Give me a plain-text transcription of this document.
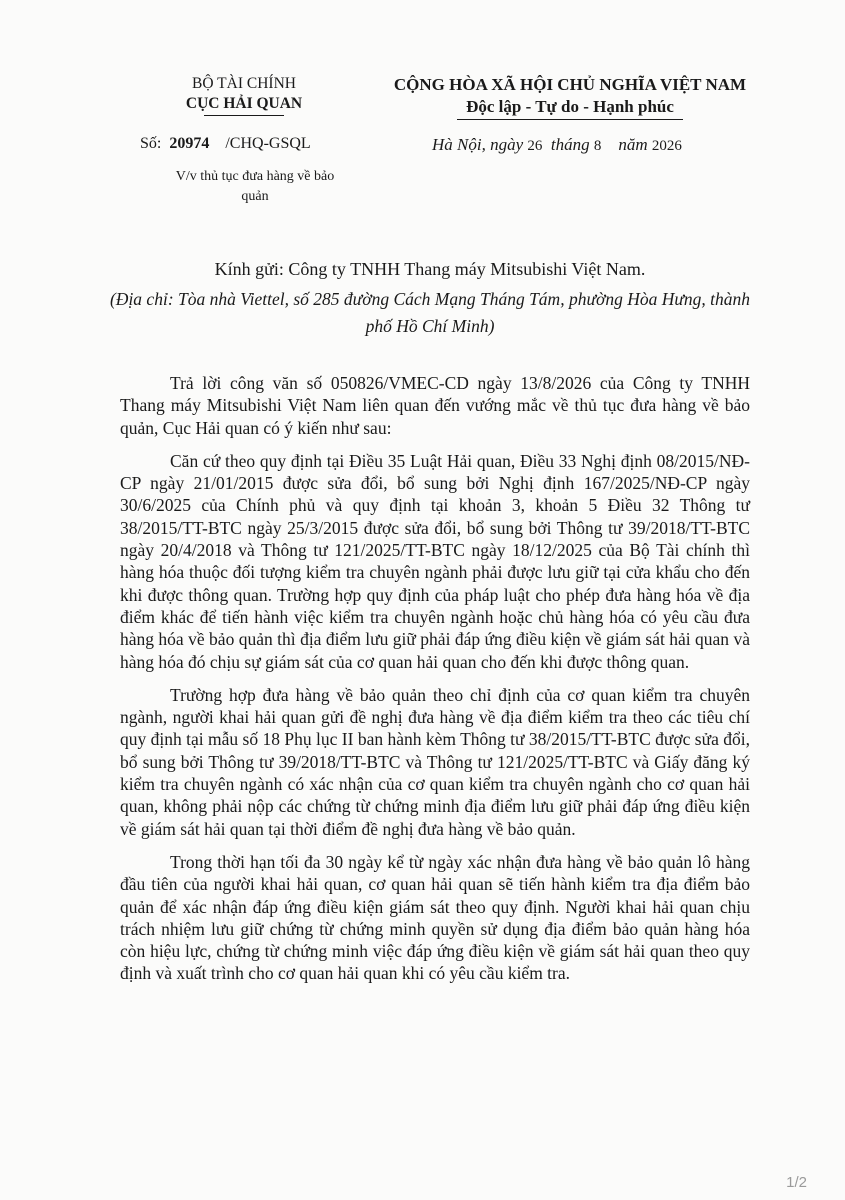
BỘ TÀI CHÍNH
CỤC HẢI QUAN
CỘNG HÒA XÃ HỘI CHỦ NGHĨA VIỆT NAM
Độc lập - Tự do - Hạnh phúc
Số: 20974 /CHQ-GSQL
V/v thủ tục đưa hàng về bảo quản
Hà Nội, ngày 26 tháng 8 năm 2026
Kính gửi: Công ty TNHH Thang máy Mitsubishi Việt Nam.
(Địa chỉ: Tòa nhà Viettel, số 285 đường Cách Mạng Tháng Tám, phường Hòa Hưng, thành phố Hồ Chí Minh)

Trả lời công văn số 050826/VMEC-CD ngày 13/8/2026 của Công ty TNHH Thang máy Mitsubishi Việt Nam liên quan đến vướng mắc về thủ tục đưa hàng về bảo quản, Cục Hải quan có ý kiến như sau:

Căn cứ theo quy định tại Điều 35 Luật Hải quan, Điều 33 Nghị định 08/2015/NĐ-CP ngày 21/01/2015 được sửa đổi, bổ sung bởi Nghị định 167/2025/NĐ-CP ngày 30/6/2025 của Chính phủ và quy định tại khoản 3, khoản 5 Điều 32 Thông tư 38/2015/TT-BTC ngày 25/3/2015 được sửa đổi, bổ sung bởi Thông tư 39/2018/TT-BTC ngày 20/4/2018 và Thông tư 121/2025/TT-BTC ngày 18/12/2025 của Bộ Tài chính thì hàng hóa thuộc đối tượng kiểm tra chuyên ngành phải được lưu giữ tại cửa khẩu cho đến khi được thông quan. Trường hợp quy định của pháp luật cho phép đưa hàng hóa về địa điểm khác để tiến hành việc kiểm tra chuyên ngành hoặc chủ hàng hóa có yêu cầu đưa hàng hóa về bảo quản thì địa điểm lưu giữ phải đáp ứng điều kiện về giám sát hải quan và hàng hóa đó chịu sự giám sát của cơ quan hải quan cho đến khi được thông quan.

Trường hợp đưa hàng về bảo quản theo chỉ định của cơ quan kiểm tra chuyên ngành, người khai hải quan gửi đề nghị đưa hàng về địa điểm kiểm tra theo các tiêu chí quy định tại mẫu số 18 Phụ lục II ban hành kèm Thông tư 38/2015/TT-BTC được sửa đổi, bổ sung bởi Thông tư 39/2018/TT-BTC và Thông tư 121/2025/TT-BTC và Giấy đăng ký kiểm tra chuyên ngành có xác nhận của cơ quan kiểm tra chuyên ngành cho cơ quan hải quan, không phải nộp các chứng từ chứng minh địa điểm lưu giữ phải đáp ứng điều kiện về giám sát hải quan tại thời điểm đề nghị đưa hàng về bảo quản.

Trong thời hạn tối đa 30 ngày kể từ ngày xác nhận đưa hàng về bảo quản lô hàng đầu tiên của người khai hải quan, cơ quan hải quan sẽ tiến hành kiểm tra địa điểm bảo quản để xác nhận đáp ứng điều kiện giám sát theo quy định. Người khai hải quan chịu trách nhiệm lưu giữ chứng từ chứng minh quyền sử dụng địa điểm bảo quản hàng hóa còn hiệu lực, chứng từ chứng minh việc đáp ứng điều kiện về giám sát hải quan theo quy định và xuất trình cho cơ quan hải quan khi có yêu cầu kiểm tra.

1/2
